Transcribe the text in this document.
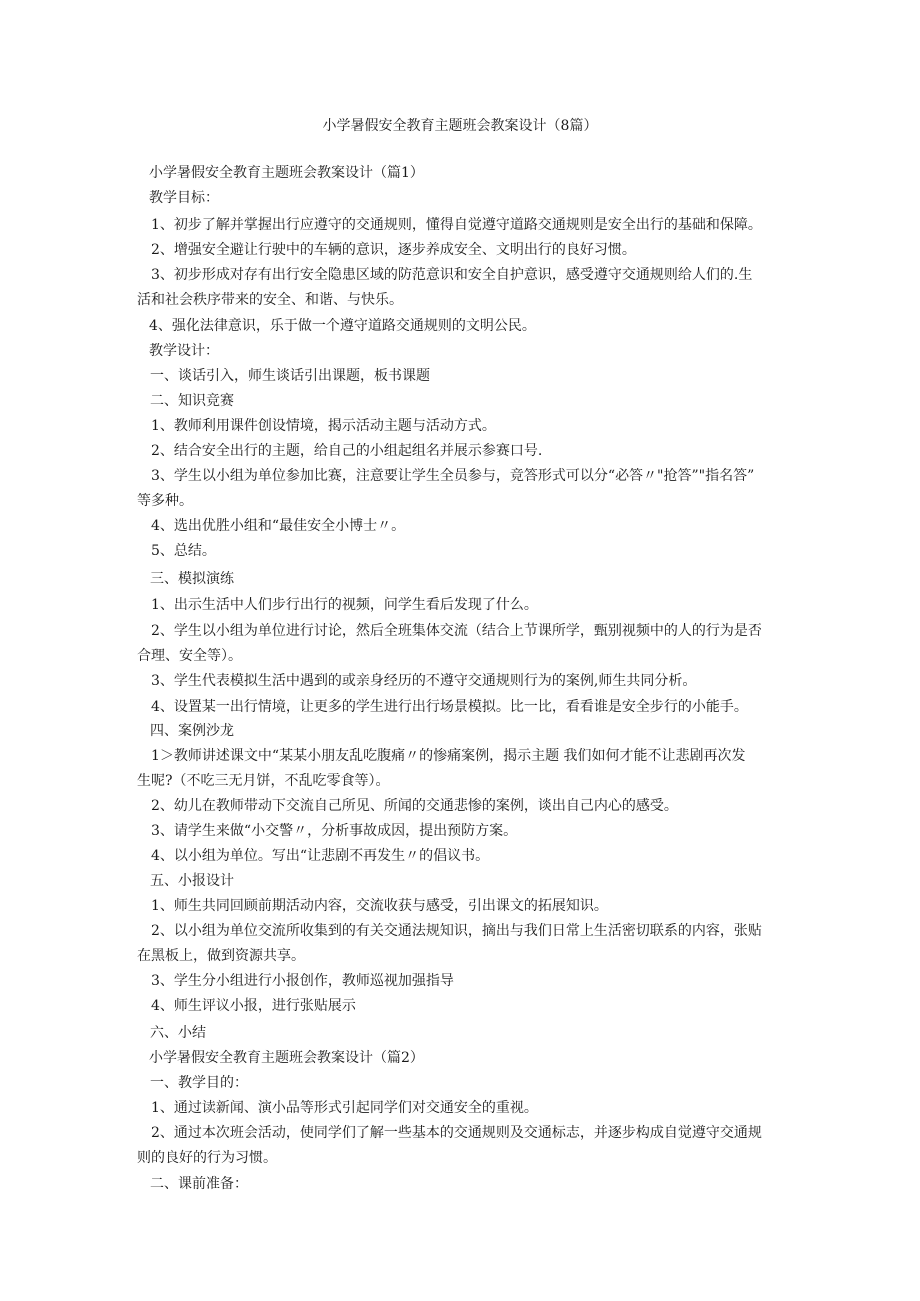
小学暑假安全教育主题班会教案设计（8篇）
小学暑假安全教育主题班会教案设计（篇1）
教学目标：
1、初步了解并掌握出行应遵守的交通规则，懂得自觉遵守道路交通规则是安全出行的基础和保障。
2、增强安全避让行驶中的车辆的意识，逐步养成安全、文明出行的良好习惯。
3、初步形成对存有出行安全隐患区域的防范意识和安全自护意识，感受遵守交通规则给人们的.生
活和社会秩序带来的安全、和谐、与快乐。
4、强化法律意识，乐于做一个遵守道路交通规则的文明公民。
教学设计：
一、谈话引入，师生谈话引出课题，板书课题
二、知识竞赛
1、教师利用课件创设情境，揭示活动主题与活动方式。
2、结合安全出行的主题，给自己的小组起组名并展示参赛口号.
3、学生以小组为单位参加比赛，注意要让学生全员参与，竞答形式可以分“必答〃"抢答”"指名答”
等多种。
4、选出优胜小组和“最佳安全小博士〃。
5、总结。
三、模拟演练
1、出示生活中人们步行出行的视频，问学生看后发现了什么。
2、学生以小组为单位进行讨论，然后全班集体交流（结合上节课所学，甄别视频中的人的行为是否
合理、安全等）。
3、学生代表模拟生活中遇到的或亲身经历的不遵守交通规则行为的案例,师生共同分析。
4、设置某一出行情境，让更多的学生进行出行场景模拟。比一比，看看谁是安全步行的小能手。
四、案例沙龙
1＞教师讲述课文中“某某小朋友乱吃腹痛〃的惨痛案例，揭示主题 我们如何才能不让悲剧再次发
生呢?（不吃三无月饼，不乱吃零食等）。
2、幼儿在教师带动下交流自己所见、所闻的交通悲惨的案例，谈出自己内心的感受。
3、请学生来做“小交警〃，分析事故成因，提出预防方案。
4、以小组为单位。写出“让悲剧不再发生〃的倡议书。
五、小报设计
1、师生共同回顾前期活动内容，交流收获与感受，引出课文的拓展知识。
2、以小组为单位交流所收集到的有关交通法规知识，摘出与我们日常上生活密切联系的内容，张贴
在黑板上，做到资源共享。
3、学生分小组进行小报创作，教师巡视加强指导
4、师生评议小报，进行张贴展示
六、小结
小学暑假安全教育主题班会教案设计（篇2）
一、教学目的：
1、通过读新闻、演小品等形式引起同学们对交通安全的重视。
2、通过本次班会活动，使同学们了解一些基本的交通规则及交通标志，并逐步构成自觉遵守交通规
则的良好的行为习惯。
二、课前准备：
